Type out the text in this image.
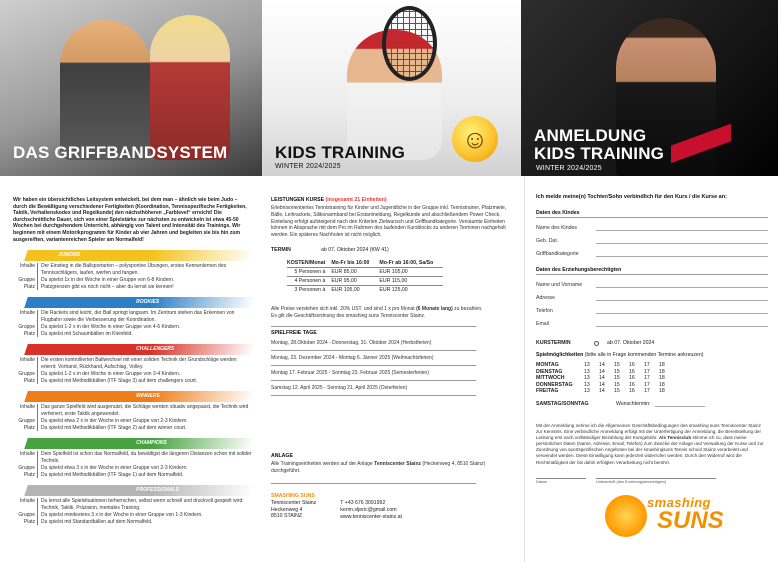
☺
DAS GRIFFBANDSYSTEM	KIDS TRAINING
WINTER 2024/2025
ANMELDUNG
KIDS TRAINING
WINTER 2024/2025

Wir haben ein übersichtliches Leitsystem entwickelt, bei dem man – ähnlich wie beim Judo – durch die Bewältigung verschiedener Fertigkeiten (Koordination, Tennisspezifische Fertigkeiten, Taktik, Verhaltenskodex und Regelkunde) den nächsthöheren „Farblevel“ erreicht! Die durchschnittliche Dauer, sich von einer Spielstärke zur nächsten zu entwickeln ist etwa 45-50 Wochen bei durchgehendem Unterricht, abhängig von Talent und Intensität des Trainings. Wir beginnen mit einem Motorikprogramm für Kinder ab vier Jahren und begleiten sie bis hin zum ausgereiften, variantenreichen Spieler am Normalfeld!

JUNIORS
Inhalte	Der Einstieg in die Ballsportarten – polysportive Übungen, erstes Kennenlernen des Tennisschlägers, laufen, werfen und fangen.
Gruppe	Du spielst 1x in der Woche in einer Gruppe von 6-8 Kindern.
Platz	Platzgrenzen gibt es noch nicht – aber du lernst sie kennen!
ROOKIES
Inhalte	Die Rackets sind leicht, der Ball springt langsam. Im Zentrum stehen das Erkennen von Flugbahn sowie die Verbesserung der Koordination.
Gruppe	Du spielst 1-2 x in der Woche in einer Gruppe von 4-6 Kindern.
Platz	Du spielst mit Schaumbällen im Kleinfeld.
CHALLENGERS
Inhalte	Die ersten kontrollierten Ballwechsel mit einer soliden Technik der Grundschläge werden erlernt: Vorhand, Rückhand, Aufschlag, Volley.
Gruppe	Du spielst 1-2 x in der Woche in einer Gruppe von 3-4 Kindern.
Platz	Du spielst mit Methodikbällen (ITF Stage 3) auf dem challengers court.
WINNERS
Inhalte	Das ganze Spielfeld wird ausgenutzt, die Schläge werden situativ angepasst, die Technik wird verfeinert, erste Taktik angewendet.
Gruppe	Du spielst etwa 2 x in der Woche in einer Gruppe von 2-3 Kindern.
Platz	Du spielst mit Methodikbällen (ITF Stage 2) auf dem winner court.
CHAMPIONS
Inhalte	Dein Spielfeld ist schon das Normalfeld, du bewältigst die längeren Distanzen schon mit solider Technik.
Gruppe	Du spielst etwa 3 x in der Woche in einer Gruppe von 2-3 Kindern.
Platz	Du spielst mit Methodikbällen (ITF Stage 1) auf dem Normalfeld.
PROFESSIONALS
Inhalte	Du lernst alle Spielsituationen beherrschen, selbst wenn schnell und druckvoll gespielt wird: Technik, Taktik, Präzision, mentales Training.
Gruppe	Du spielst mindestens 3 x in der Woche in einer Gruppe von 1-3 Kindern.
Platz	Du spielst mit Standardbällen auf dem Normalfeld.
LEISTUNGEN KURSE (insgesamt 21 Einheiten)

Erlebnisorientiertes Tennistraining für Kinder und Jugendliche in der Gruppe inkl. Tennistrainer, Platzmiete, Bälle, Leihrackets, Silikonarmband bei Erstanmeldung, Regelkunde und abschließendem Power Check. Einteilung erfolgt aufsteigend nach den Kriterien Zielwunsch und Griffbandkategorie. Versäumte Einheiten können in Absprache mit dem Pro im Rahmen des laufenden Kursblocks zu anderen Terminen nachgeholt werden. Ein späteres Nachholen ist nicht möglich.

TERMIN	ab 07. Oktober 2024 (KW 41)
KOSTEN/Monat	Mo-Fr bis 16:00	Mo-Fr ab 16:00, Sa/So
5 Personen à	EUR 85,00	EUR 105,00
4 Personen à	EUR 95,00	EUR 115,00
3 Personen à	EUR 105,00	EUR 125,00

Alle Preise verstehen sich inkl. 20% UST. und sind 1 x pro Monat (6 Monate lang) zu bezahlen.
Es gilt die Geschäftsordnung des smashing suns Tenniscenter Stainz.

SPIELFREIE TAGE
Montag, 28.Oktober 2024 - Donnerstag, 31. Oktober 2024 (Herbstferien)
Montag, 23. Dezember 2024 - Montag 6. Jänner 2025 (Weihnachtsferien)
Montag 17. Februar 2025 - Sonntag 23. Februar 2025 (Semesterferien)
Samstag 12. April 2025 - Sonntag 21. April 2025 (Osterferien)
ANLAGE

Alle Trainingseinheiten werden auf der Anlage Tenniscenter Stainz (Heckenweg 4, 8510 Stainz) durchgeführt.

SMASHING SUNS
Tenniscenter Stainz
Heckenweg 4
8510 STAINZ
T +43 676 3091992
kerim.sljeric@gmail.com
www.tenniscenter-stainz.at
Ich melde meine(n) Tochter/Sohn verbindlich für den Kurs / die Kurse an:
Daten des Kindes
Name des Kindes
Geb. Dat.
Griffbandkategorie
Daten des Erziehungsberechtigten
Name und Vorname
Adresse
Telefon
Email
KURSTERMIN	ab 07. Oktober 2024
Spielmöglichkeiten (bitte alle in Frage kommenden Termine ankreuzen)
MONTAG	13	14	15	16	17	18
DIENSTAG	13	14	15	16	17	18
MITTWOCH	13	14	15	16	17	18
DONNERSTAG	13	14	15	16	17	18
FREITAG	13	14	15	16	17	18
SAMSTAG/SONNTAG	Wunschtermin:

Mit der Anmeldung nehme ich die Allgemeinen Geschäftsbedingungen des smashing suns Tenniscenter Stainz zur Kenntnis. Eine verbindliche Anmeldung erfolgt mit der Unterfertigung der Anmeldung, die Bereitstellung der Leistung erst nach vollständiger Bezahlung der Kursgebühr. Als Tennisclub stimme ich zu, dass meine persönlichen Daten (Name, Adresse, Email, Telefon) zum Zwecke der Anlage und Verwaltung der Kurse und zur Zuordnung von sportspezifischen Angeboten bei der smashingsuns Tennis school Stainz verarbeitet und verwendet werden. Diese Einwilligung kann jederzeit widerrufen werden. Durch den Widerruf wird die Rechtmäßigkeit der bis dahin erfolgten Verarbeitung nicht berührt.

Datum	Unterschrift (des Erziehungsberechtigten)
smashing
SUNS
